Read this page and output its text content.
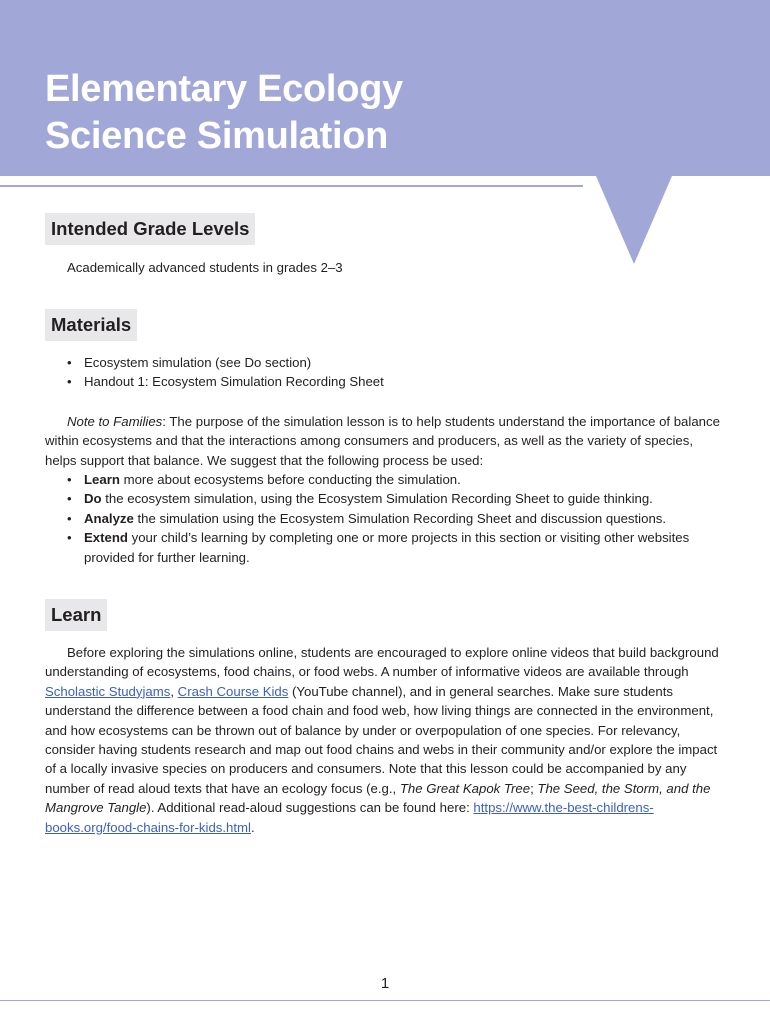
Elementary Ecology
Science Simulation
Intended Grade Levels

Academically advanced students in grades 2–3

Materials
• Ecosystem simulation (see Do section)
• Handout 1: Ecosystem Simulation Recording Sheet

Note to Families: The purpose of the simulation lesson is to help students understand the importance of balance within ecosystems and that the interactions among consumers and producers, as well as the variety of species, helps support that balance. We suggest that the following process be used:

• Learn more about ecosystems before conducting the simulation.
• Do the ecosystem simulation, using the Ecosystem Simulation Recording Sheet to guide thinking.
• Analyze the simulation using the Ecosystem Simulation Recording Sheet and discussion questions.
• Extend your child’s learning by completing one or more projects in this section or visiting other websites provided for further learning.
Learn

Before exploring the simulations online, students are encouraged to explore online videos that build background understanding of ecosystems, food chains, or food webs. A number of informative videos are available through Scholastic Studyjams, Crash Course Kids (YouTube channel), and in general searches. Make sure students understand the difference between a food chain and food web, how living things are connected in the environment, and how ecosystems can be thrown out of balance by under or overpopulation of one species. For relevancy, consider having students research and map out food chains and webs in their community and/or explore the impact of a locally invasive species on producers and consumers. Note that this lesson could be accompanied by any number of read aloud texts that have an ecology focus (e.g., The Great Kapok Tree; The Seed, the Storm, and the Mangrove Tangle). Additional read-aloud suggestions can be found here: https://www.the-best-childrens-books.org/food-chains-for-kids.html.

1
